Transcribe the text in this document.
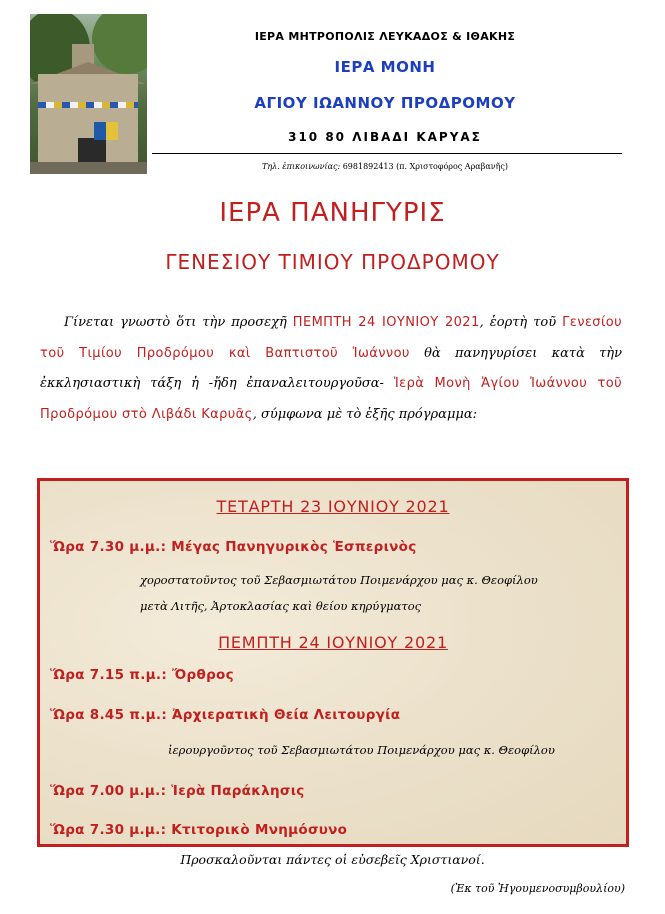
ΙΕΡΑ ΜΗΤΡΟΠΟΛΙΣ ΛΕΥΚΑΔΟΣ & ΙΘΑΚΗΣ
ΙΕΡΑ ΜΟΝΗ
ΑΓΙΟΥ ΙΩΑΝΝΟΥ ΠΡΟΔΡΟΜΟΥ
310 80 ΛΙΒΑΔΙ ΚΑΡΥΑΣ
Τηλ. ἐπικοινωνίας: 6981892413 (π. Χριστοφόρος Αραβανῆς)
ΙΕΡΑ ΠΑΝΗΓΥΡΙΣ
ΓΕΝΕΣΙΟΥ ΤΙΜΙΟΥ ΠΡΟΔΡΟΜΟΥ
Γίνεται γνωστὸ ὅτι τὴν προσεχῆ ΠΕΜΠΤΗ 24 ΙΟΥΝΙΟΥ 2021, ἑορτὴ τοῦ Γενεσίου τοῦ Τιμίου Προδρόμου καὶ Βαπτιστοῦ Ἰωάννου θὰ πανηγυρίσει κατὰ τὴν ἐκκλησιαστικὴ τάξη ἡ -ἤδη ἐπαναλειτουργοῦσα- Ἱερὰ Μονὴ Ἁγίου Ἰωάννου τοῦ Προδρόμου στὸ Λιβάδι Καρυᾶς, σύμφωνα μὲ τὸ ἑξῆς πρόγραμμα:
ΤΕΤΑΡΤΗ 23 ΙΟΥΝΙΟΥ 2021
Ὥρα 7.30 μ.μ.: Μέγας Πανηγυρικὸς Ἑσπερινὸς
χοροστατοῦντος τοῦ Σεβασμιωτάτου Ποιμενάρχου μας κ. Θεοφίλου
μετὰ Λιτῆς, Ἀρτοκλασίας καὶ θείου κηρύγματος
ΠΕΜΠΤΗ 24 ΙΟΥΝΙΟΥ 2021
Ὥρα 7.15 π.μ.: Ὄρθρος
Ὥρα 8.45 π.μ.: Ἀρχιερατικὴ Θεία Λειτουργία
ἱερουργοῦντος τοῦ Σεβασμιωτάτου Ποιμενάρχου μας κ. Θεοφίλου
Ὥρα 7.00 μ.μ.: Ἱερὰ Παράκλησις
Ὥρα 7.30 μ.μ.: Κτιτορικὸ Μνημόσυνο
Προσκαλοῦνται πάντες οἱ εὐσεβεῖς Χριστιανοί.
(Ἐκ τοῦ Ἡγουμενοσυμβουλίου)
